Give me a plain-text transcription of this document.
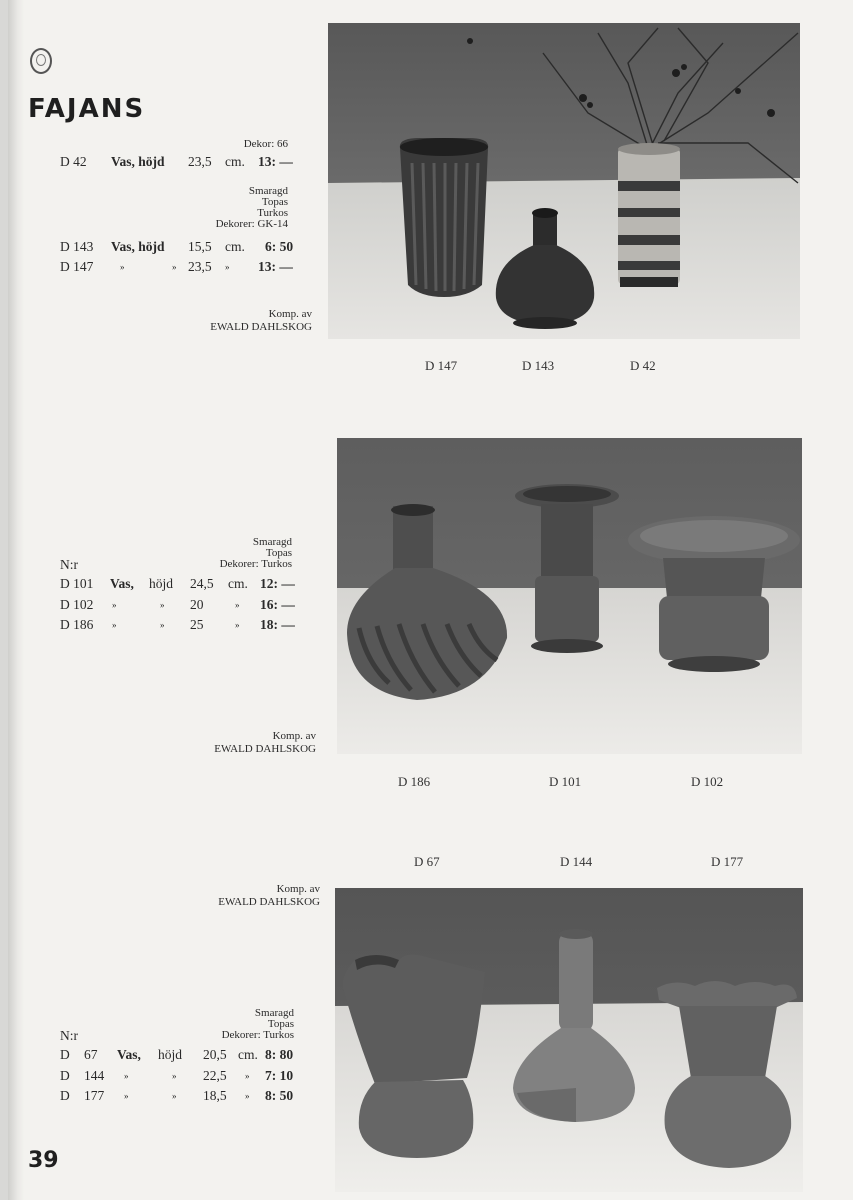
FAJANS
Dekor: 66
D 42 Vas, höjd 23,5 cm. 13: —
Smaragd
Topas
Turkos
Dekorer: GK-14
D 143 Vas, höjd 15,5 cm. 6: 50
D 147	»	» 23,5 » 13: —
Komp. av
EWALD DAHLSKOG
D 147	D 143	D 42
Smaragd
Topas
Dekorer: Turkos
N:r
D 101 Vas, höjd 24,5 cm. 12: —
D 102 »	» 20	» 16: —
D 186 »	» 25	» 18: —
Komp. av
EWALD DAHLSKOG
D 186	D 101	D 102
D 67	D 144	D 177
Komp. av
EWALD DAHLSKOG
Smaragd
Topas
Dekorer: Turkos
N:r
D 67 Vas, höjd 20,5 cm. 8: 80
D 144 »	» 22,5 » 7: 10
D 177 »	» 18,5 » 8: 50
39
